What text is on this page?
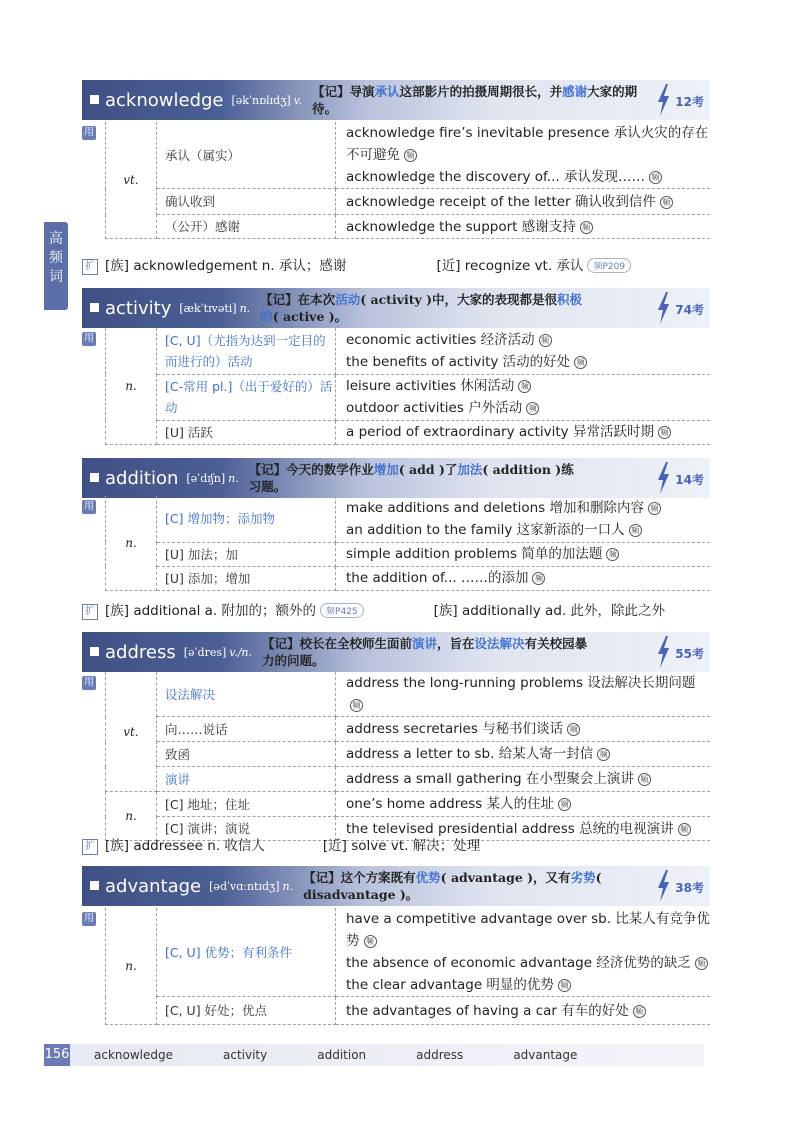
高
频
词
acknowledge [əkˈnɒlɪdʒ] v.
【记】导演承认这部影片的拍摄周期很长，并感谢大家的期待。	12考
用
vt.	承认（属实）	acknowledge fire’s inevitable presence 承认火灾的存在不可避免 频
acknowledge the discovery of... 承认发现…… 频

	确认收到	acknowledge receipt of the letter 确认收到信件 频

	（公开）感谢	acknowledge the support 感谢支持 频
扩 [族] acknowledgement n. 承认；感谢	[近] recognize vt. 承认 频P209
activity [ækˈtɪvəti] n.
【记】在本次活动( activity )中，大家的表现都是很积极的( active )。	74考
用
n.	[C, U]（尤指为达到一定目的而进行的）活动	economic activities 经济活动 频
the benefits of activity 活动的好处 频

	[C-常用 pl.]（出于爱好的）活动	leisure activities 休闲活动 频
outdoor activities 户外活动 频

	[U] 活跃	a period of extraordinary activity 异常活跃时期 频
addition [əˈdɪʃn] n.
【记】今天的数学作业增加( add )了加法( addition )练习题。	14考
用
n.	[C] 增加物；添加物	make additions and deletions 增加和删除内容 频
an addition to the family 这家新添的一口人 频

	[U] 加法；加	simple addition problems 简单的加法题 频

	[U] 添加；增加	the addition of... ……的添加 频
扩 [族] additional a. 附加的；额外的 频P425	[族] additionally ad. 此外，除此之外
address [əˈdres] v./n.
【记】校长在全校师生面前演讲，旨在设法解决有关校园暴力的问题。	55考
用
vt.	设法解决	address the long-running problems 设法解决长期问题频

	向……说话	address secretaries 与秘书们谈话 频

	致函	address a letter to sb. 给某人寄一封信 频

	演讲	address a small gathering 在小型聚会上演讲 频

n.	[C] 地址；住址	one’s home address 某人的住址 频

	[C] 演讲；演说	the televised presidential address 总统的电视演讲 频
扩 [族] addressee n. 收信人	[近] solve vt. 解决；处理
advantage [ədˈvɑːntɪdʒ] n.
【记】这个方案既有优势( advantage )，又有劣势( disadvantage )。	38考
用
n.	[C, U] 优势；有利条件	have a competitive advantage over sb. 比某人有竞争优势 频
the absence of economic advantage 经济优势的缺乏 频
the clear advantage 明显的优势 频

	[C, U] 好处；优点	the advantages of having a car 有车的好处 频
156 acknowledge	activity	addition	address	advantage
